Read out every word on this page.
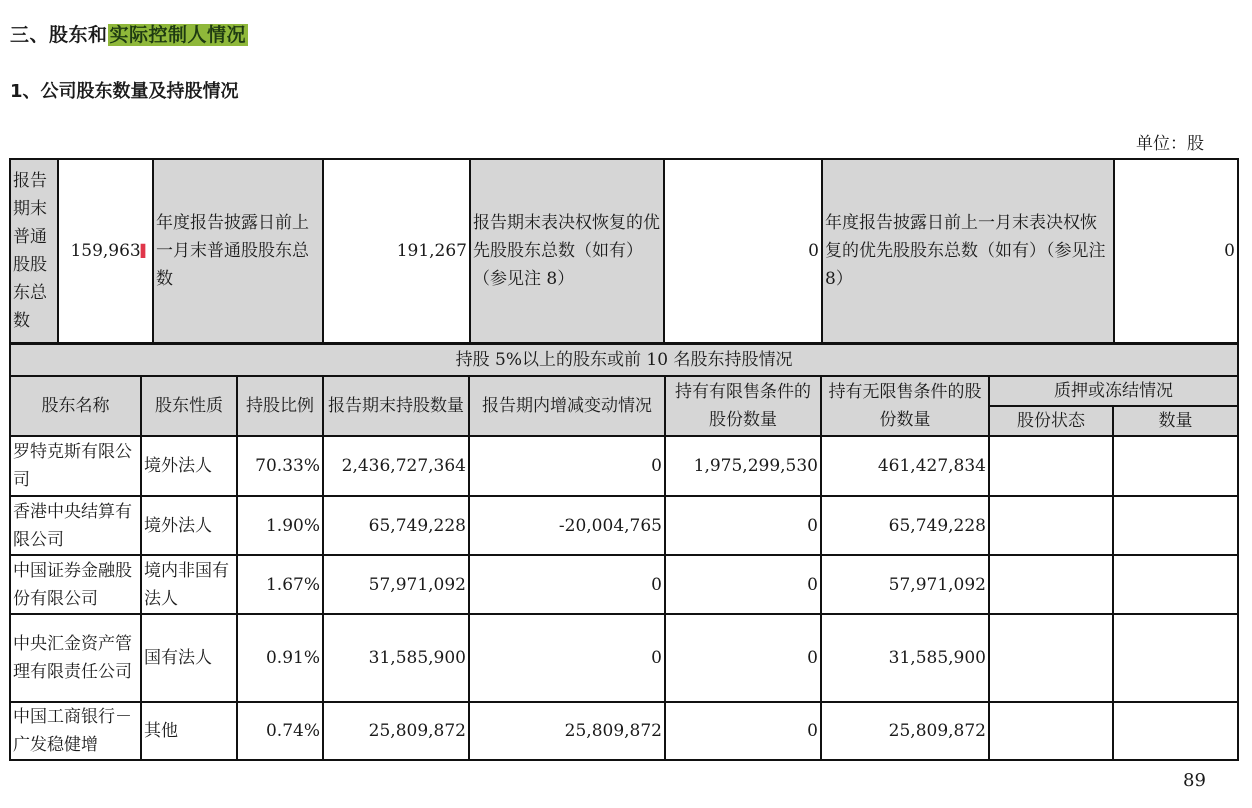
三、股东和 实际控制人情况
1、公司股东数量及持股情况
单位：股
报告期末普通股股东总数	159,963▌	年度报告披露日前上一月末普通股股东总数	191,267	报告期末表决权恢复的优先股股东总数（如有）（参见注 8）	0	年度报告披露日前上一月末表决权恢复的优先股股东总数（如有）（参见注 8）	0
持股 5%以上的股东或前 10 名股东持股情况								
股东名称	股东性质	持股比例	报告期末持股数量	报告期内增减变动情况	持有有限售条件的股份数量	持有无限售条件的股份数量	质押或冻结情况	
							股份状态	数量
罗特克斯有限公司	境外法人	70.33%	2,436,727,364	0	1,975,299,530	461,427,834		
香港中央结算有限公司	境外法人	1.90%	65,749,228	-20,004,765	0	65,749,228		
中国证券金融股份有限公司	境内非国有法人	1.67%	57,971,092	0	0	57,971,092		
中央汇金资产管理有限责任公司	国有法人	0.91%	31,585,900	0	0	31,585,900		
中国工商银行－广发稳健增	其他	0.74%	25,809,872	25,809,872	0	25,809,872		
89
